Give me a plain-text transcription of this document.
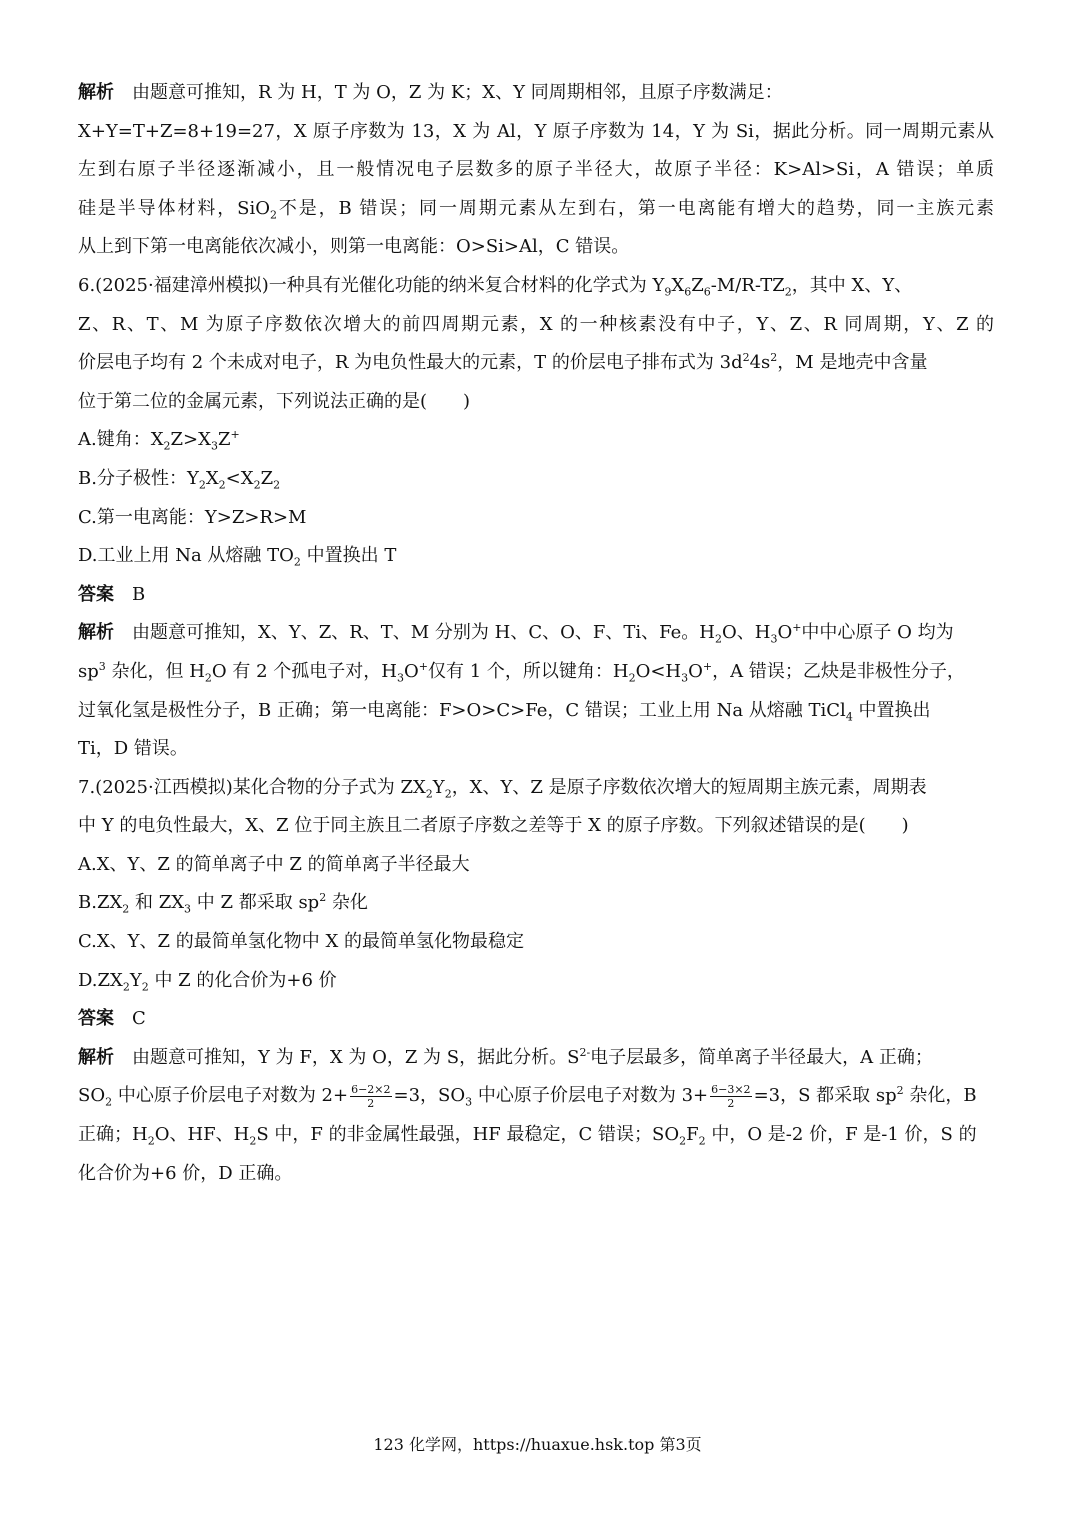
解析 由题意可推知，R 为 H，T 为 O，Z 为 K；X、Y 同周期相邻，且原子序数满足：
X+Y=T+Z=8+19=27，X 原子序数为 13，X 为 Al，Y 原子序数为 14，Y 为 Si，据此分析。同一周期元素从
左到右原子半径逐渐减小，且一般情况电子层数多的原子半径大，故原子半径：K>Al>Si，A 错误；单质
硅是半导体材料，SiO$_2$不是，B 错误；同一周期元素从左到右，第一电离能有增大的趋势，同一主族元素
从上到下第一电离能依次减小，则第一电离能：O>Si>Al，C 错误。
6.(2025·福建漳州模拟)一种具有光催化功能的纳米复合材料的化学式为 $Y_9X_6Z_6-M/R-TZ_2$，其中 X、Y、
Z、R、T、M 为原子序数依次增大的前四周期元素，X 的一种核素没有中子，Y、Z、R 同周期，Y、Z 的
价层电子均有 2 个未成对电子，R 为电负性最大的元素，T 的价层电子排布式为 $3d^24s^2$，M 是地壳中含量
位于第二位的金属元素，下列说法正确的是(　　)
A.键角：$X_2Z>X_3Z^+$
B.分子极性：$Y_2X_2<X_2Z_2$
C.第一电离能：Y>Z>R>M
D.工业上用 Na 从熔融 $TO_2$ 中置换出 T
答案 B
解析 由题意可推知，X、Y、Z、R、T、M 分别为 H、C、O、F、Ti、Fe。$H_2O$、$H_3O^+$中中心原子 O 均为
$sp^3$ 杂化，但 $H_2O$ 有 2 个孤电子对，$H_3O^+$仅有 1 个，所以键角：$H_2O<H_3O^+$，A 错误；乙炔是非极性分子，
过氧化氢是极性分子，B 正确；第一电离能：F>O>C>Fe，C 错误；工业上用 Na 从熔融 TiCl$_4$ 中置换出
Ti，D 错误。
7.(2025·江西模拟)某化合物的分子式为 $ZX_2Y_2$，X、Y、Z 是原子序数依次增大的短周期主族元素，周期表
中 Y 的电负性最大，X、Z 位于同主族且二者原子序数之差等于 X 的原子序数。下列叙述错误的是(　　)
A.X、Y、Z 的简单离子中 Z 的简单离子半径最大
$B.ZX_2$ 和 $ZX_3$ 中 Z 都采取 $sp^2$ 杂化
C.X、Y、Z 的最简单氢化物中 X 的最简单氢化物最稳定
$D.ZX_2Y_2$ 中 Z 的化合价为+6 价
答案 C
解析 由题意可推知，Y 为 F，X 为 O，Z 为 S，据此分析。$S^{2-}$电子层最多，简单离子半径最大，A 正确；
$SO_2$ 中心原子价层电子对数为 $2+ \frac{6-2\times 2}{2} =3$，$SO_3$ 中心原子价层电子对数为 $3+ \frac{6-3\times 2}{2} =3$，S 都采取 $sp^2$ 杂化，B
正确；$H_2O$、HF、$H_2S$ 中，F 的非金属性最强，HF 最稳定，C 错误；$SO_2F_2$ 中，O 是-2 价，F 是-1 价，S 的
化合价为+6 价，D 正确。
123 化学网，https://huaxue.hsk.top 第3页
